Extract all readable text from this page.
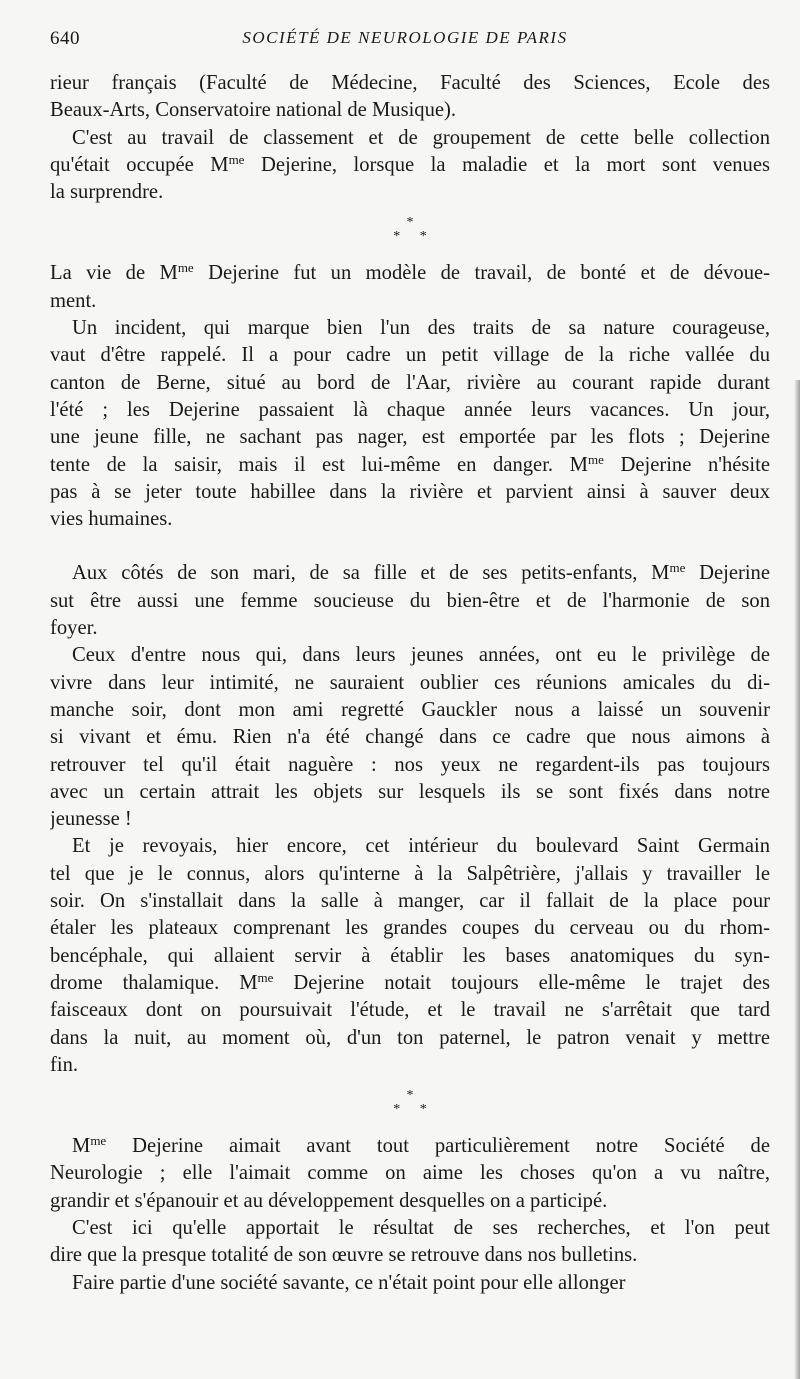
640	SOCIÉTÉ DE NEUROLOGIE DE PARIS
rieur français (Faculté de Médecine, Faculté des Sciences, Ecole des
Beaux-Arts, Conservatoire national de Musique).
C'est au travail de classement et de groupement de cette belle collection
qu'était occupée $M^{me}$ Dejerine, lorsque la maladie et la mort sont venues
la surprendre.
*
* *
La vie de $M^{me}$ Dejerine fut un modèle de travail, de bonté et de dévoue-
ment.
Un incident, qui marque bien l'un des traits de sa nature courageuse,
vaut d'être rappelé. Il a pour cadre un petit village de la riche vallée du
canton de Berne, situé au bord de l'Aar, rivière au courant rapide durant
l'été ; les Dejerine passaient là chaque année leurs vacances. Un jour,
une jeune fille, ne sachant pas nager, est emportée par les flots ; Dejerine
tente de la saisir, mais il est lui-même en danger. $M^{me}$ Dejerine n'hésite
pas à se jeter toute habillee dans la rivière et parvient ainsi à sauver deux
vies humaines.
Aux côtés de son mari, de sa fille et de ses petits-enfants, $M^{me}$ Dejerine
sut être aussi une femme soucieuse du bien-être et de l'harmonie de son
foyer.
Ceux d'entre nous qui, dans leurs jeunes années, ont eu le privilège de
vivre dans leur intimité, ne sauraient oublier ces réunions amicales du di-
manche soir, dont mon ami regretté Gauckler nous a laissé un souvenir
si vivant et ému. Rien n'a été changé dans ce cadre que nous aimons à
retrouver tel qu'il était naguère : nos yeux ne regardent-ils pas toujours
avec un certain attrait les objets sur lesquels ils se sont fixés dans notre
jeunesse !
Et je revoyais, hier encore, cet intérieur du boulevard Saint Germain
tel que je le connus, alors qu'interne à la Salpêtrière, j'allais y travailler le
soir. On s'installait dans la salle à manger, car il fallait de la place pour
étaler les plateaux comprenant les grandes coupes du cerveau ou du rhom-
bencéphale, qui allaient servir à établir les bases anatomiques du syn-
drome thalamique. $M^{me}$ Dejerine notait toujours elle-même le trajet des
faisceaux dont on poursuivait l'étude, et le travail ne s'arrêtait que tard
dans la nuit, au moment où, d'un ton paternel, le patron venait y mettre
fin.
*
* *
$M^{me}$ Dejerine aimait avant tout particulièrement notre Société de
Neurologie ; elle l'aimait comme on aime les choses qu'on a vu naître,
grandir et s'épanouir et au développement desquelles on a participé.
C'est ici qu'elle apportait le résultat de ses recherches, et l'on peut
dire que la presque totalité de son œuvre se retrouve dans nos bulletins.
Faire partie d'une société savante, ce n'était point pour elle allonger
